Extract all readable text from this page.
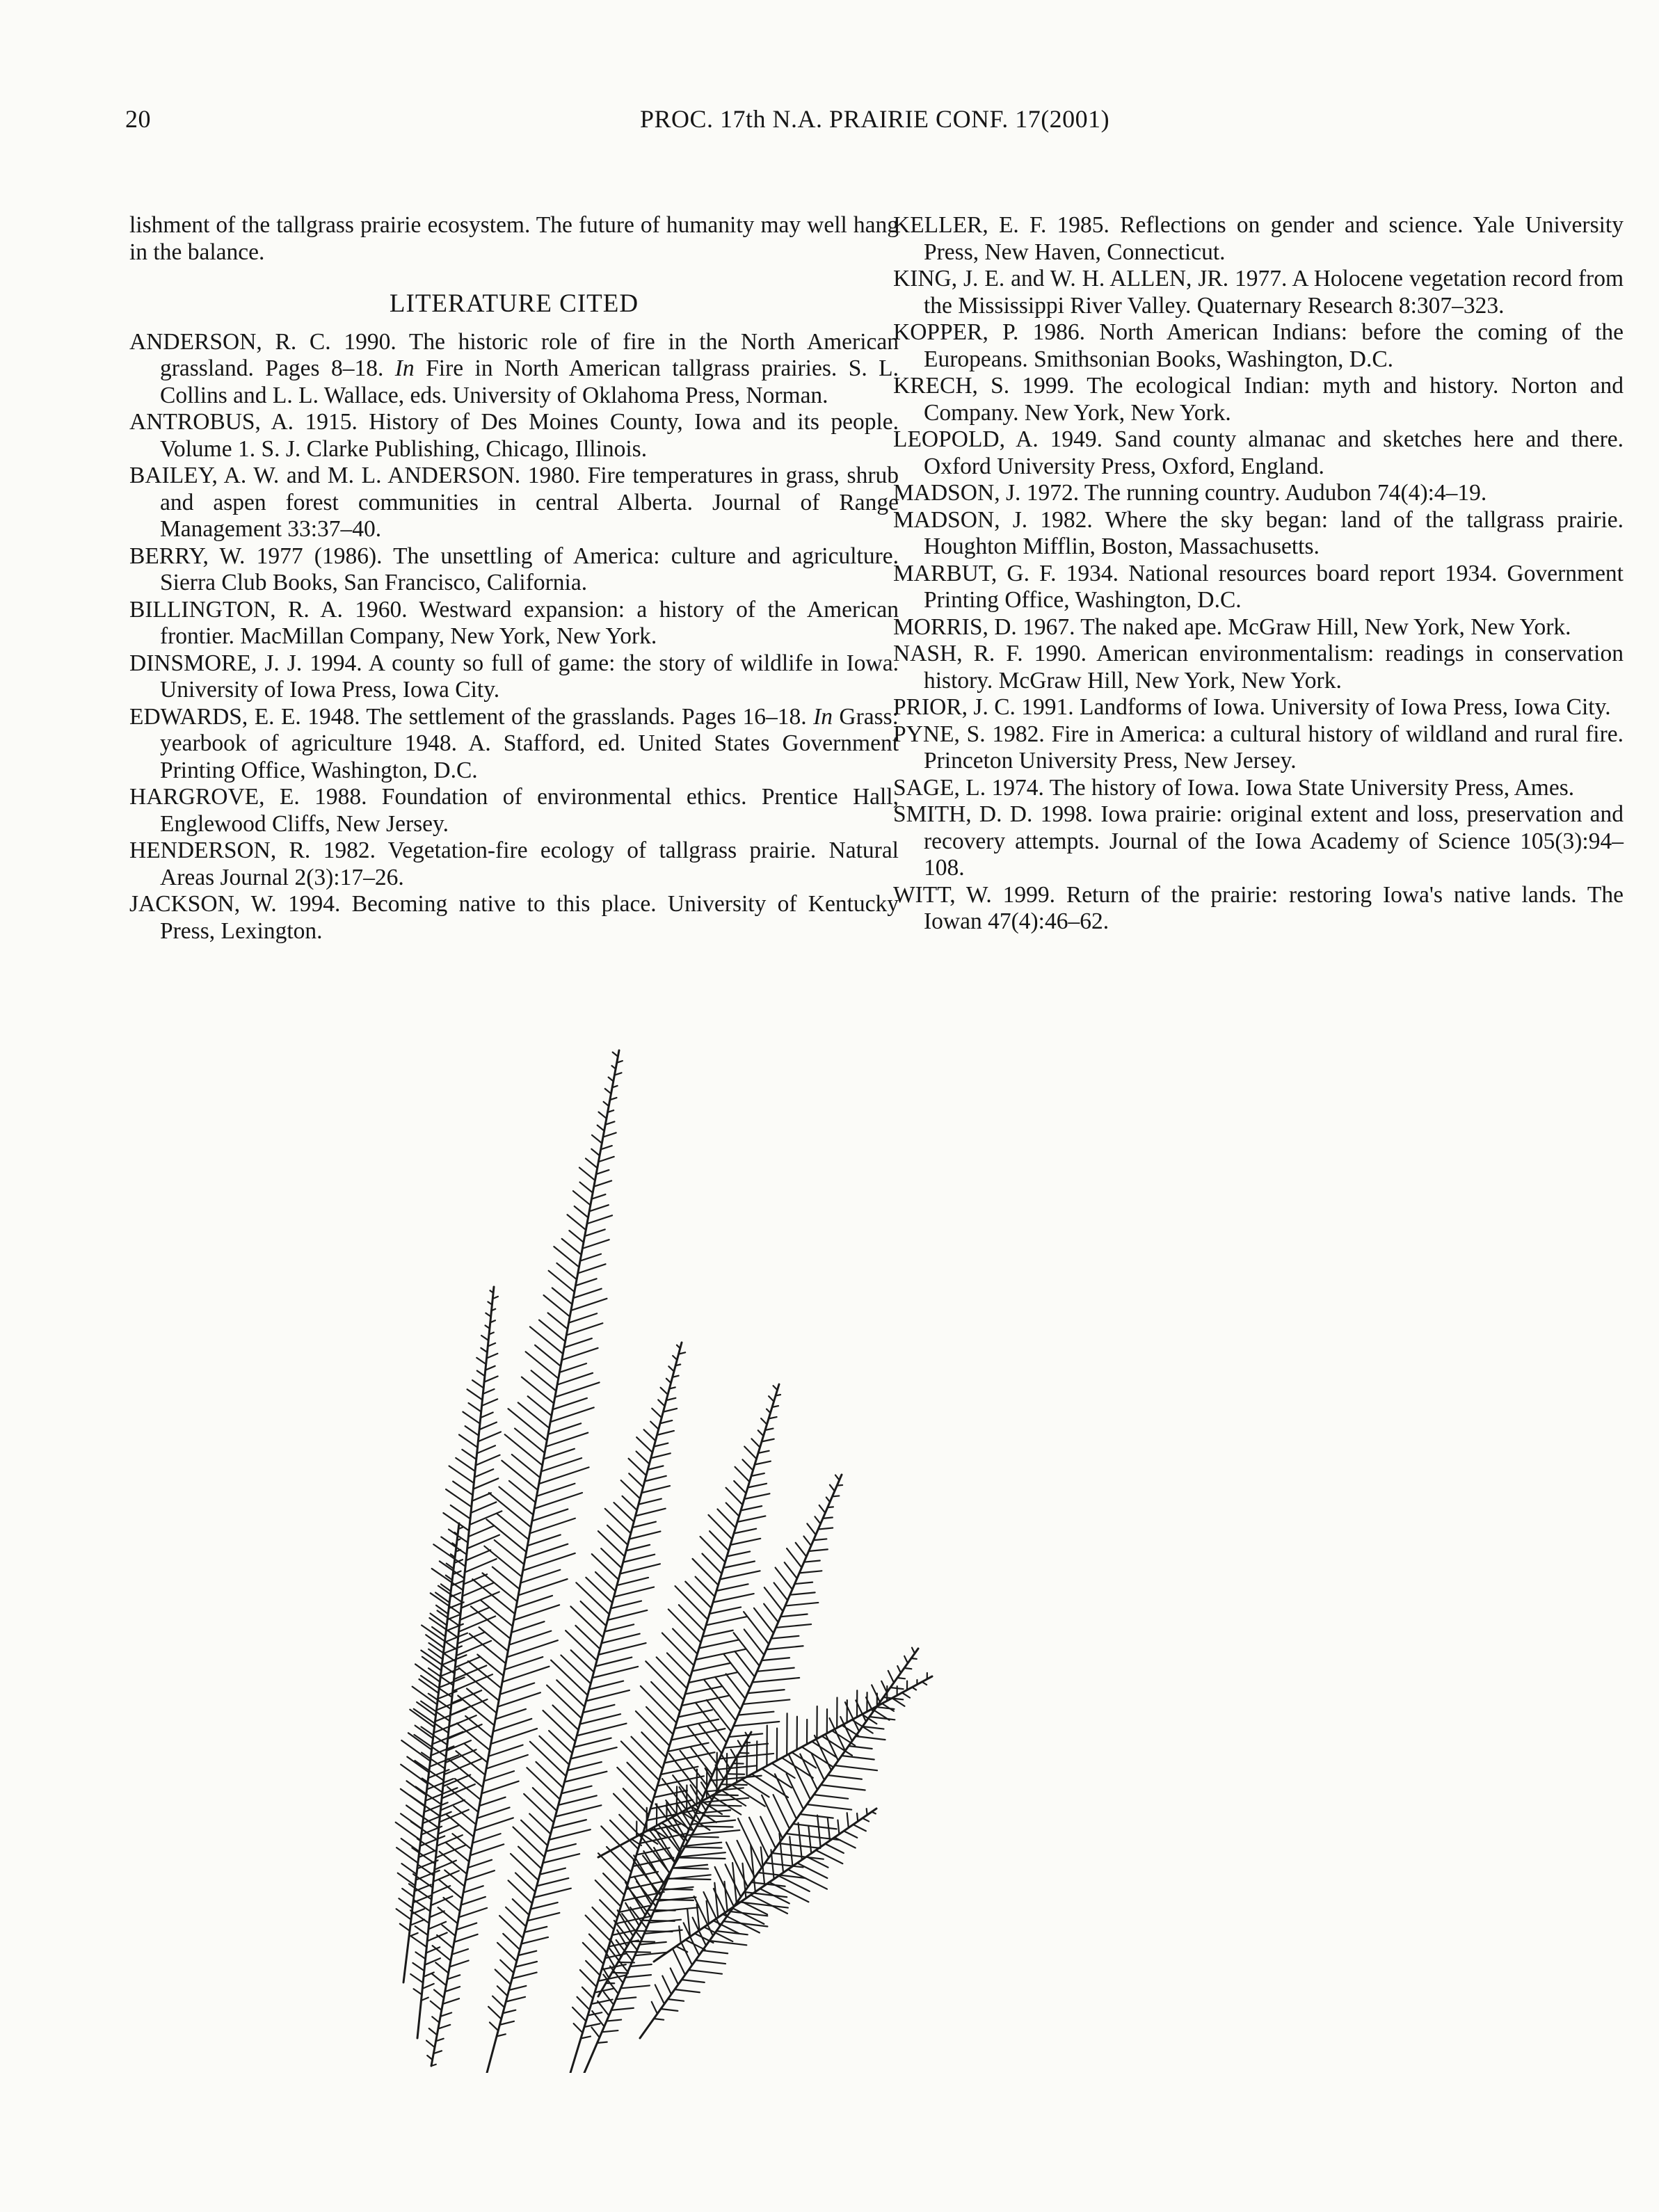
20	PROC. 17th N.A. PRAIRIE CONF. 17(2001)

lishment of the tallgrass prairie ecosystem. The future of humanity may well hang in the balance.

LITERATURE CITED

ANDERSON, R. C. 1990. The historic role of fire in the North American grassland. Pages 8–18. In Fire in North American tallgrass prairies. S. L. Collins and L. L. Wallace, eds. University of Oklahoma Press, Norman.

ANTROBUS, A. 1915. History of Des Moines County, Iowa and its people. Volume 1. S. J. Clarke Publishing, Chicago, Illinois.

BAILEY, A. W. and M. L. ANDERSON. 1980. Fire temperatures in grass, shrub and aspen forest communities in central Alberta. Journal of Range Management 33:37–40.

BERRY, W. 1977 (1986). The unsettling of America: culture and agriculture. Sierra Club Books, San Francisco, California.

BILLINGTON, R. A. 1960. Westward expansion: a history of the American frontier. MacMillan Company, New York, New York.

DINSMORE, J. J. 1994. A county so full of game: the story of wildlife in Iowa. University of Iowa Press, Iowa City.

EDWARDS, E. E. 1948. The settlement of the grasslands. Pages 16–18. In Grass: yearbook of agriculture 1948. A. Stafford, ed. United States Government Printing Office, Washington, D.C.

HARGROVE, E. 1988. Foundation of environmental ethics. Prentice Hall, Englewood Cliffs, New Jersey.

HENDERSON, R. 1982. Vegetation-fire ecology of tallgrass prairie. Natural Areas Journal 2(3):17–26.

JACKSON, W. 1994. Becoming native to this place. University of Kentucky Press, Lexington.

KELLER, E. F. 1985. Reflections on gender and science. Yale University Press, New Haven, Connecticut.

KING, J. E. and W. H. ALLEN, JR. 1977. A Holocene vegetation record from the Mississippi River Valley. Quaternary Research 8:307–323.

KOPPER, P. 1986. North American Indians: before the coming of the Europeans. Smithsonian Books, Washington, D.C.

KRECH, S. 1999. The ecological Indian: myth and history. Norton and Company. New York, New York.

LEOPOLD, A. 1949. Sand county almanac and sketches here and there. Oxford University Press, Oxford, England.

MADSON, J. 1972. The running country. Audubon 74(4):4–19.

MADSON, J. 1982. Where the sky began: land of the tallgrass prairie. Houghton Mifflin, Boston, Massachusetts.

MARBUT, G. F. 1934. National resources board report 1934. Government Printing Office, Washington, D.C.

MORRIS, D. 1967. The naked ape. McGraw Hill, New York, New York.

NASH, R. F. 1990. American environmentalism: readings in conservation history. McGraw Hill, New York, New York.

PRIOR, J. C. 1991. Landforms of Iowa. University of Iowa Press, Iowa City.

PYNE, S. 1982. Fire in America: a cultural history of wildland and rural fire. Princeton University Press, New Jersey.

SAGE, L. 1974. The history of Iowa. Iowa State University Press, Ames.

SMITH, D. D. 1998. Iowa prairie: original extent and loss, preservation and recovery attempts. Journal of the Iowa Academy of Science 105(3):94–108.

WITT, W. 1999. Return of the prairie: restoring Iowa's native lands. The Iowan 47(4):46–62.
